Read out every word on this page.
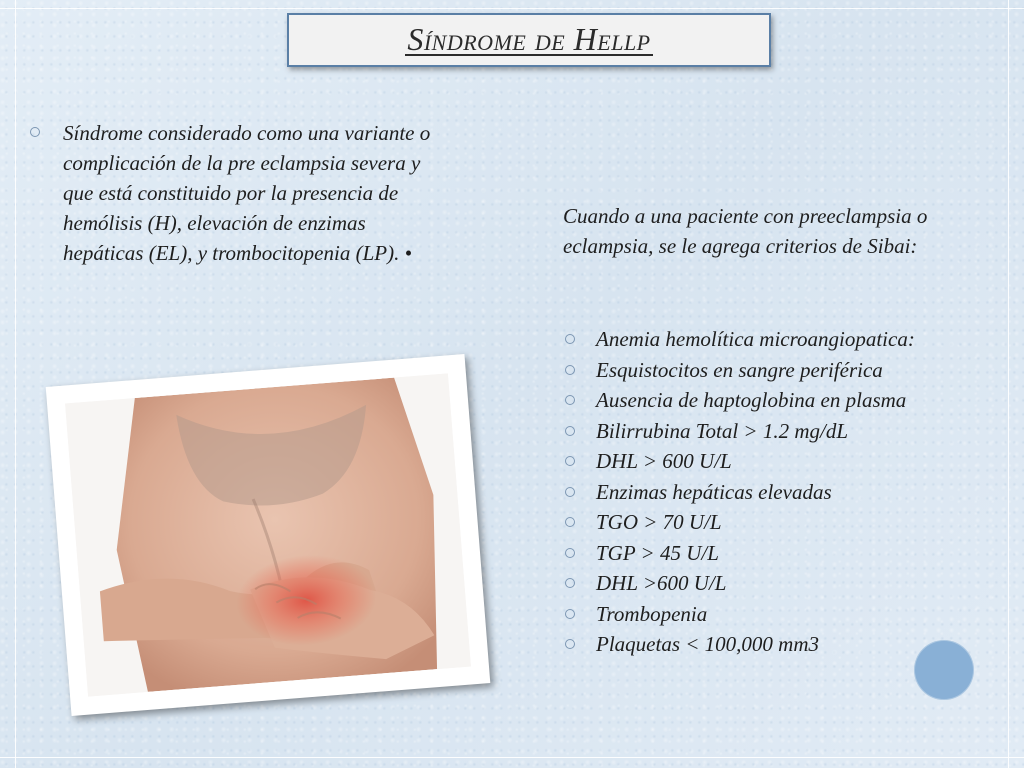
Síndrome de Hellp
Síndrome considerado como una variante o complicación de la pre eclampsia severa y que está constituido por la presencia de hemólisis (H), elevación de enzimas hepáticas (EL), y trombocitopenia (LP). •
Cuando a una paciente con preeclampsia o eclampsia, se le agrega criterios de Sibai:
Anemia hemolítica microangiopatica:
Esquistocitos en sangre periférica
Ausencia de haptoglobina en plasma
Bilirrubina Total > 1.2 mg/dL
DHL > 600 U/L
Enzimas hepáticas elevadas
TGO > 70 U/L
TGP > 45 U/L
DHL >600 U/L
Trombopenia
Plaquetas < 100,000 mm3
